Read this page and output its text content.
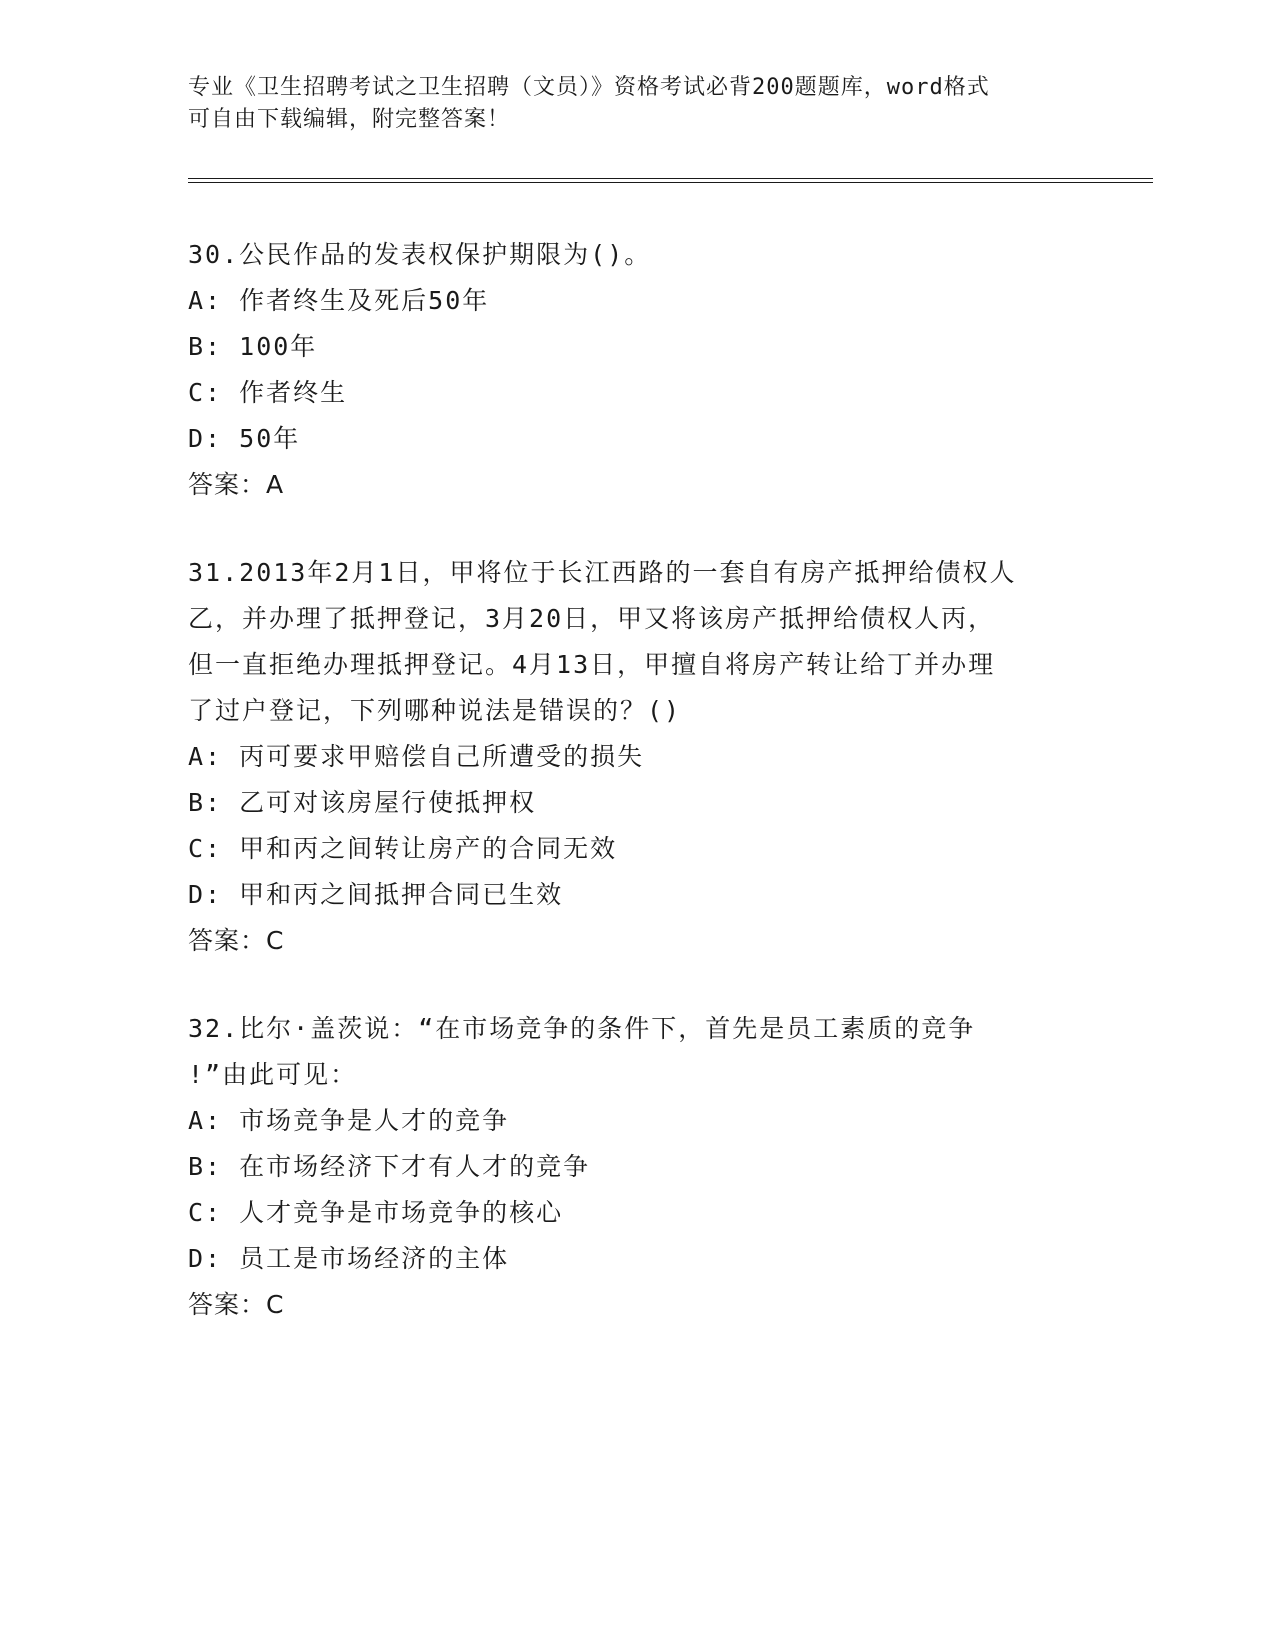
专业《卫生招聘考试之卫生招聘（文员）》资格考试必背200题题库，word格式
可自由下载编辑，附完整答案！
30.公民作品的发表权保护期限为()。
A: 作者终生及死后50年
B: 100年
C: 作者终生
D: 50年
答案：A
31.2013年2月1日，甲将位于长江西路的一套自有房产抵押给债权人
乙，并办理了抵押登记，3月20日，甲又将该房产抵押给债权人丙，
但一直拒绝办理抵押登记。4月13日，甲擅自将房产转让给丁并办理
了过户登记，下列哪种说法是错误的？()
A: 丙可要求甲赔偿自己所遭受的损失
B: 乙可对该房屋行使抵押权
C: 甲和丙之间转让房产的合同无效
D: 甲和丙之间抵押合同已生效
答案：C
32.比尔·盖茨说：“在市场竞争的条件下，首先是员工素质的竞争
!”由此可见：
A: 市场竞争是人才的竞争
B: 在市场经济下才有人才的竞争
C: 人才竞争是市场竞争的核心
D: 员工是市场经济的主体
答案：C
